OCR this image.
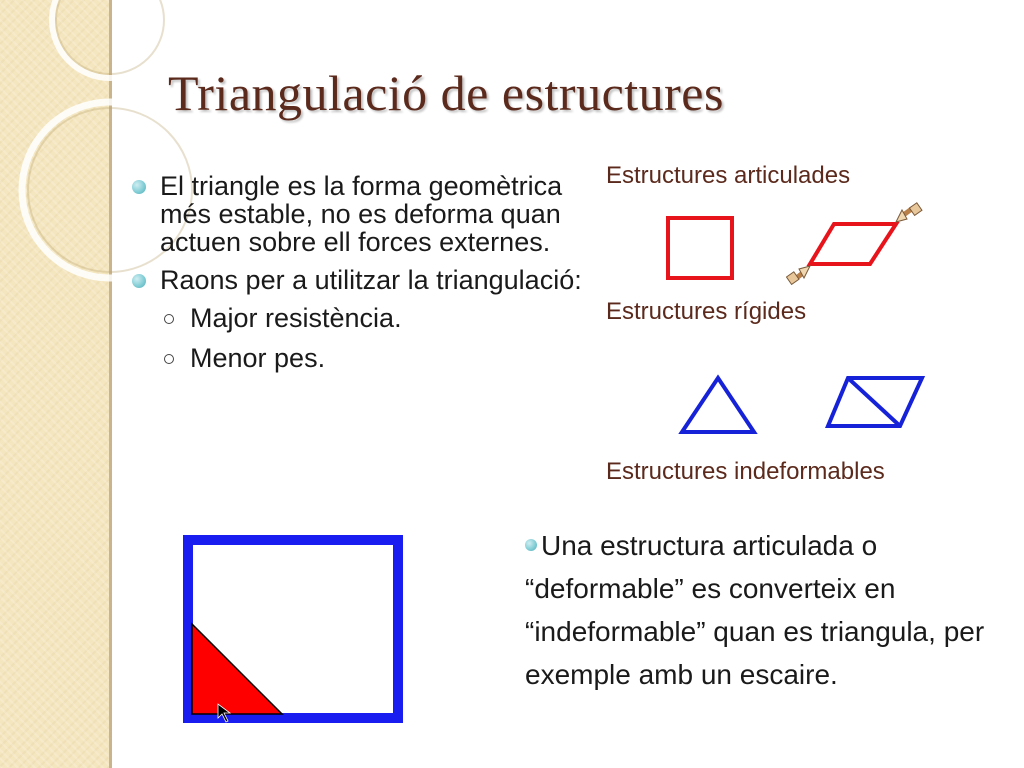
Triangulació de estructures
El triangle es la forma geomètrica més estable, no es deforma quan actuen sobre ell forces externes.
Raons per a utilitzar la triangulació:
Major resistència.
Menor pes.
Estructures articulades
Estructures rígides
Estructures indeformables
Una estructura articulada o “deformable” es converteix en “indeformable” quan es triangula, per exemple amb un escaire.
